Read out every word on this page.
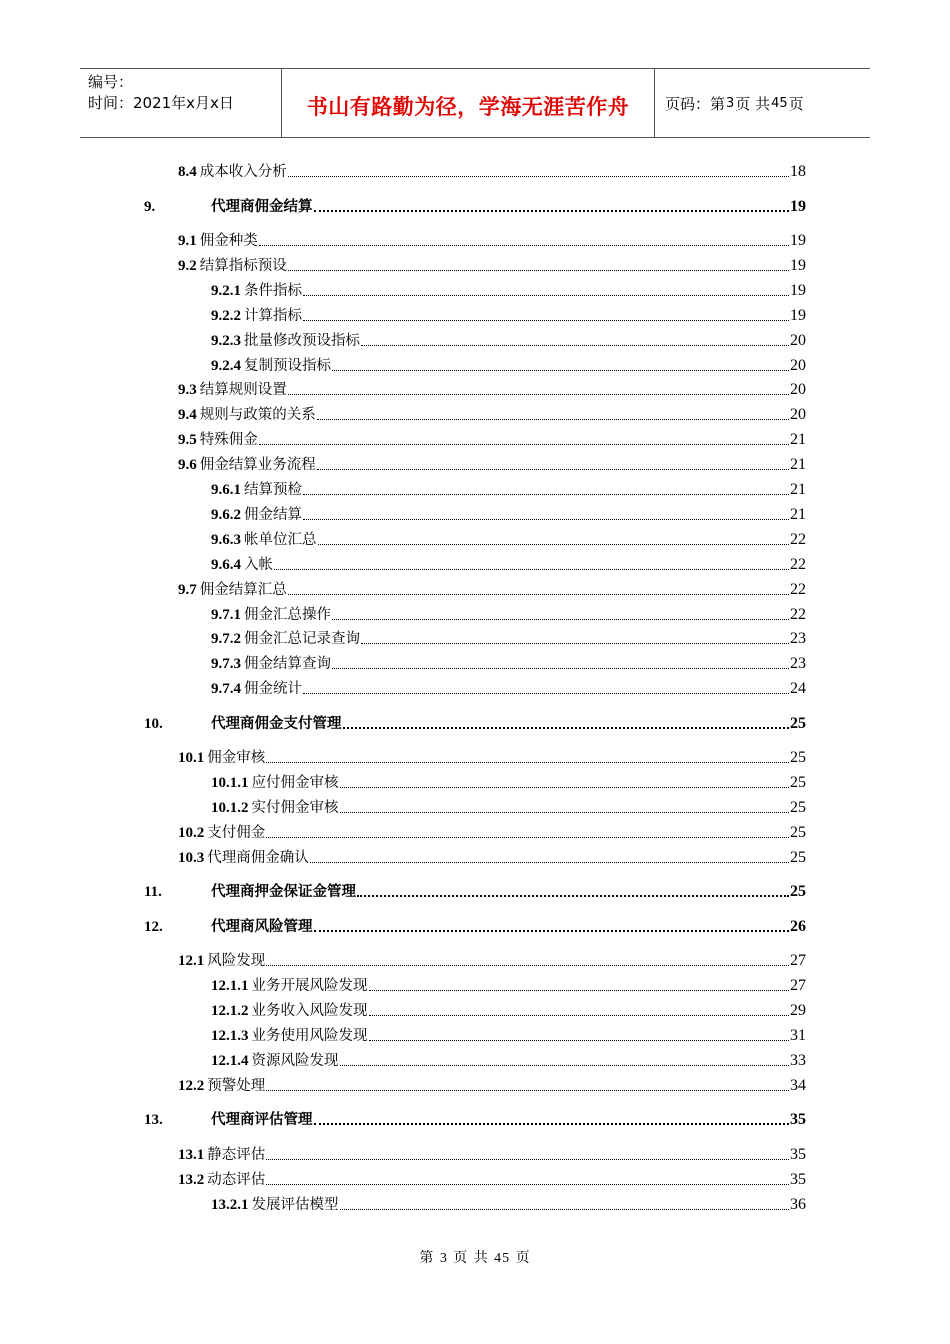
编号：
时间：2021年x月x日	书山有路勤为径，学海无涯苦作舟 页码：第 3 页 共 45 页
8.4 成本收入分析	18
9.	代理商佣金结算	19
9.1 佣金种类	19
9.2 结算指标预设	19
9.2.1 条件指标	19
9.2.2 计算指标	19
9.2.3 批量修改预设指标	20
9.2.4 复制预设指标	20
9.3 结算规则设置	20
9.4 规则与政策的关系	20
9.5 特殊佣金	21
9.6 佣金结算业务流程	21
9.6.1 结算预检	21
9.6.2 佣金结算	21
9.6.3 帐单位汇总	22
9.6.4 入帐	22
9.7 佣金结算汇总	22
9.7.1 佣金汇总操作	22
9.7.2 佣金汇总记录查询	23
9.7.3 佣金结算查询	23
9.7.4 佣金统计	24
10.	代理商佣金支付管理	25
10.1 佣金审核	25
10.1.1 应付佣金审核	25
10.1.2 实付佣金审核	25
10.2 支付佣金	25
10.3 代理商佣金确认	25
11.	代理商押金保证金管理	25
12.	代理商风险管理	26
12.1 风险发现	27
12.1.1 业务开展风险发现	27
12.1.2 业务收入风险发现	29
12.1.3 业务使用风险发现	31
12.1.4 资源风险发现	33
12.2 预警处理	34
13.	代理商评估管理	35
13.1 静态评估	35
13.2 动态评估	35
13.2.1 发展评估模型	36
第 3 页 共 45 页
